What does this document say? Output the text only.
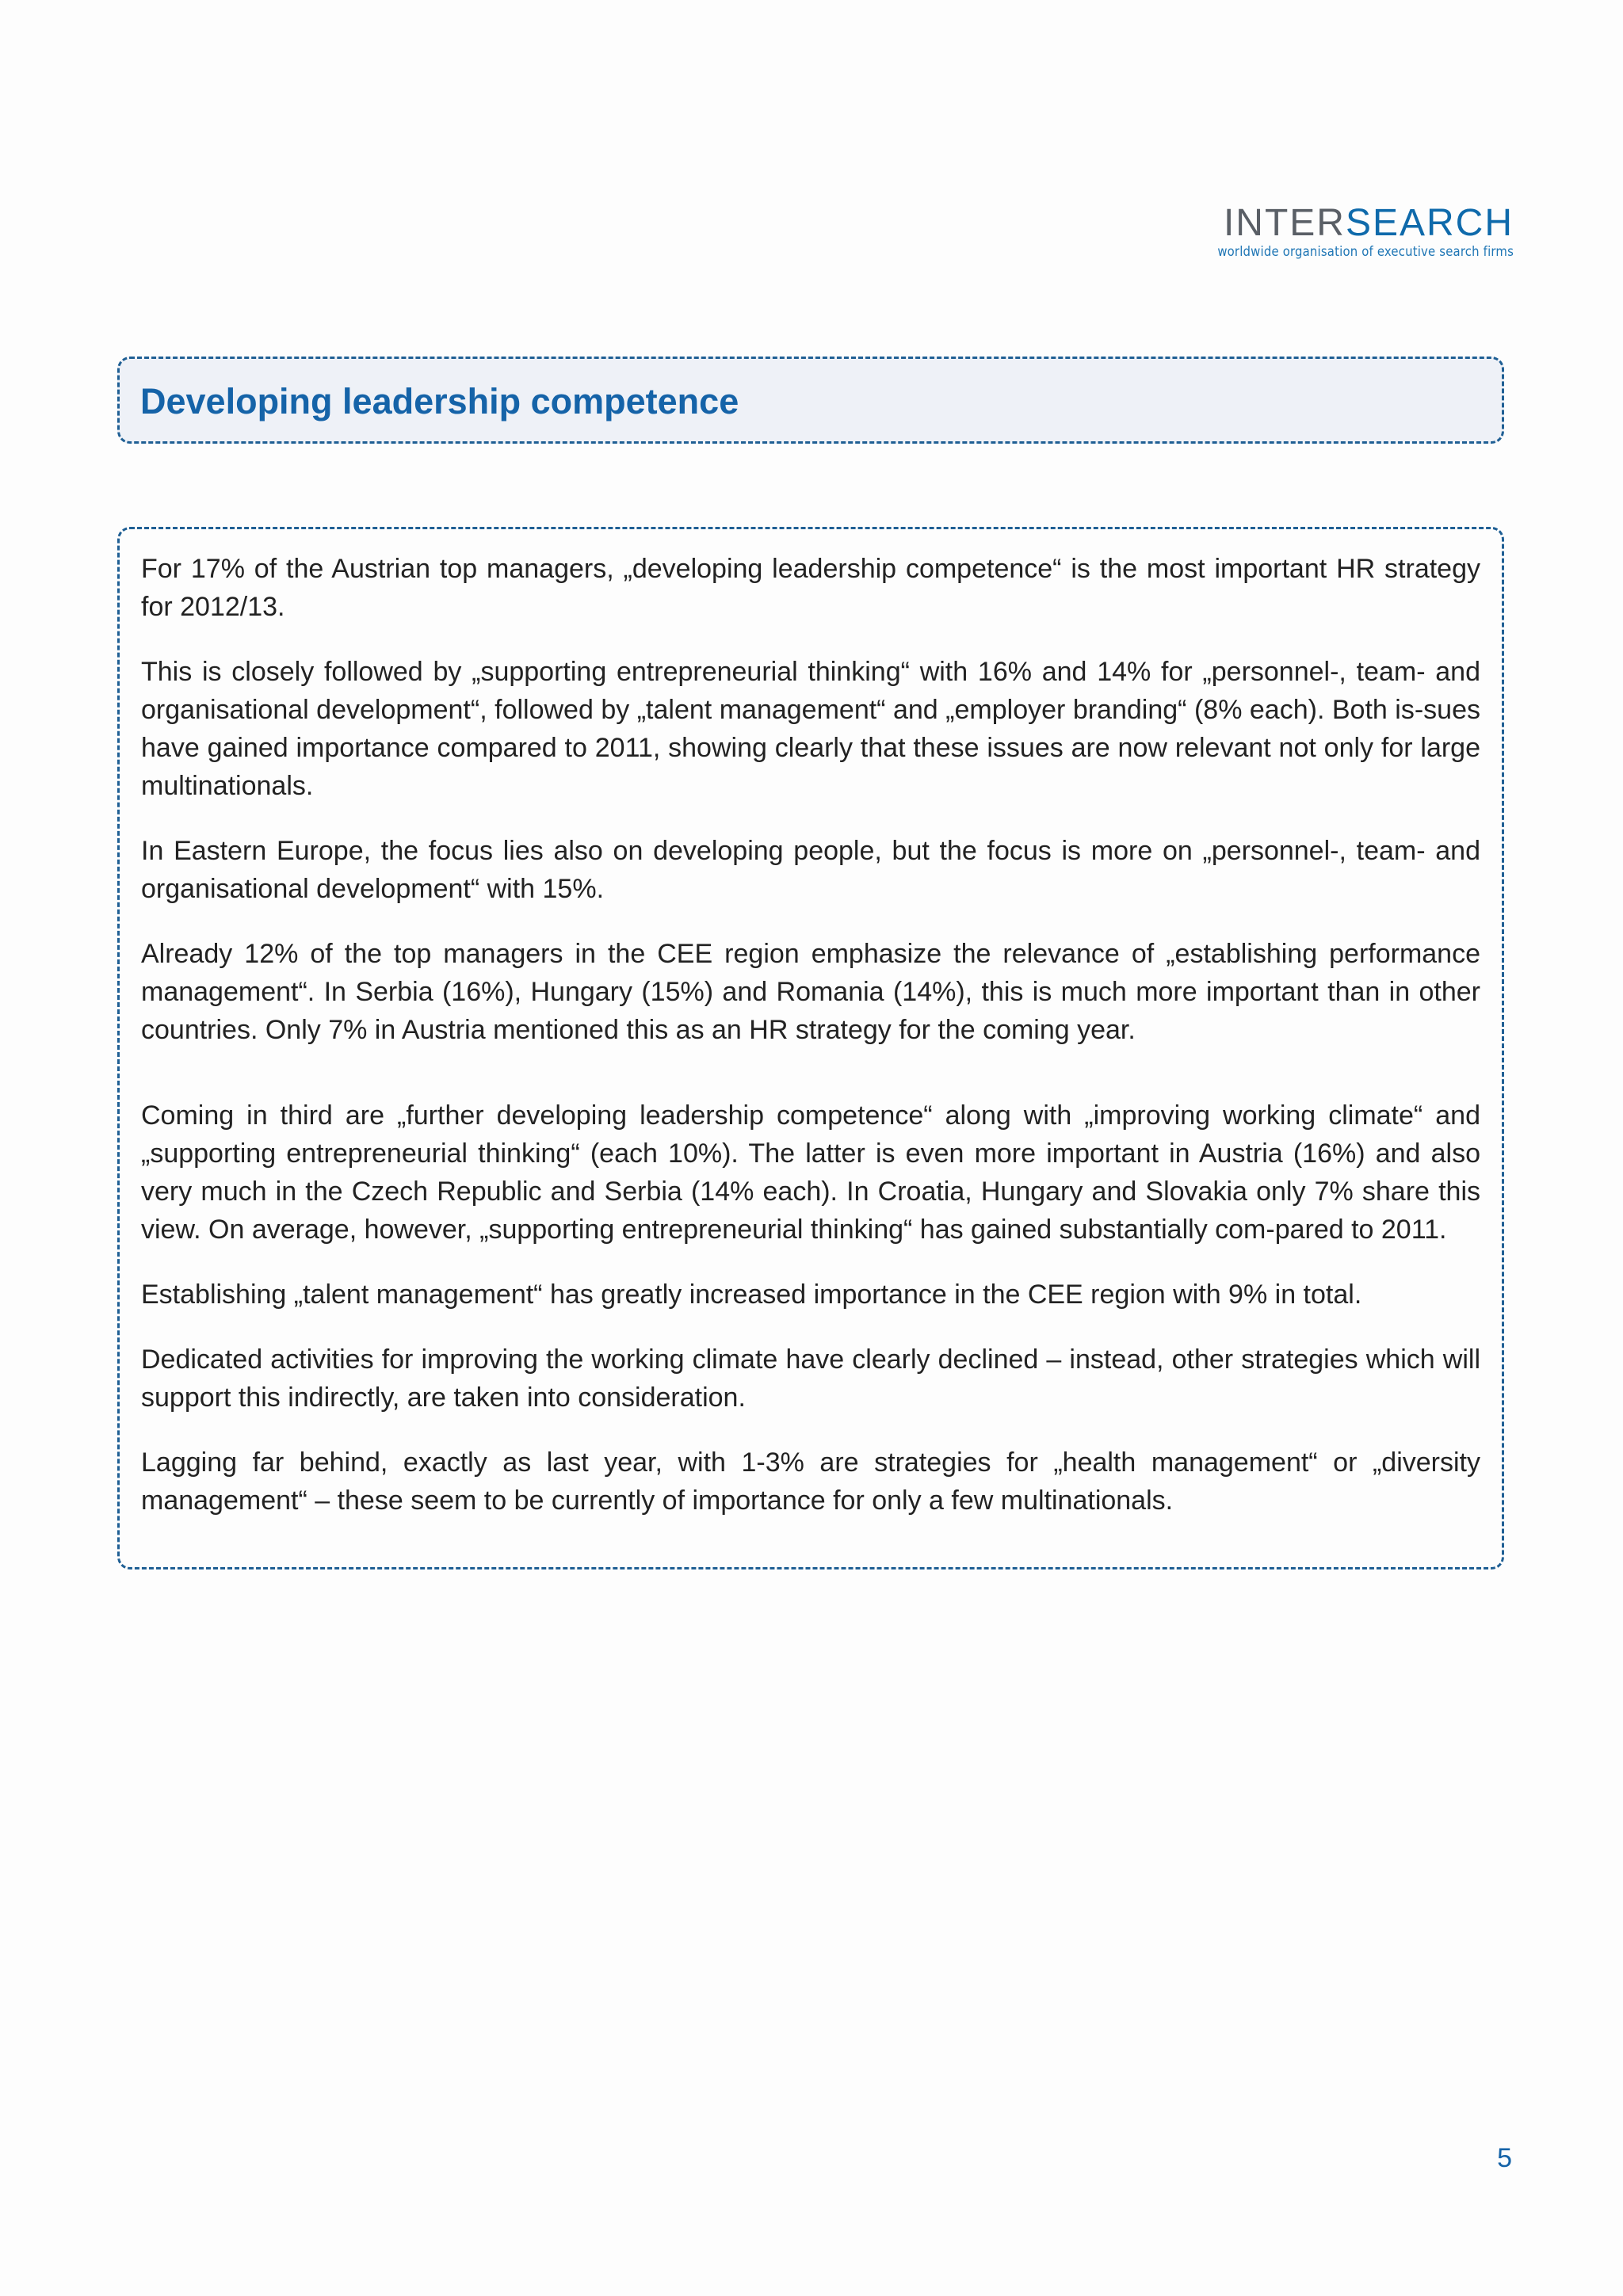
INTERSEARCH
worldwide organisation of executive search firms
Developing leadership competence

For 17% of the Austrian top managers, „developing leadership competence“ is the most important HR strategy for 2012/13.

This is closely followed by „supporting entrepreneurial thinking“ with 16% and 14% for „personnel-, team- and organisational development“, followed by „talent management“ and „employer branding“ (8% each). Both is-sues have gained importance compared to 2011, showing clearly that these issues are now relevant not only for large multinationals.

In Eastern Europe, the focus lies also on developing people, but the focus is more on „personnel-, team- and organisational development“ with 15%.

Already 12% of the top managers in the CEE region emphasize the relevance of „establishing performance management“. In Serbia (16%), Hungary (15%) and Romania (14%), this is much more important than in other countries. Only 7% in Austria mentioned this as an HR strategy for the coming year.

Coming in third are „further developing leadership competence“ along with „improving working climate“ and „supporting entrepreneurial thinking“ (each 10%). The latter is even more important in Austria (16%) and also very much in the Czech Republic and Serbia (14% each). In Croatia, Hungary and Slovakia only 7% share this view. On average, however, „supporting entrepreneurial thinking“ has gained substantially com-pared to 2011.

Establishing „talent management“ has greatly increased importance in the CEE region with 9% in total.

Dedicated activities for improving the working climate have clearly declined – instead, other strategies which will support this indirectly, are taken into consideration.

Lagging far behind, exactly as last year, with 1-3% are strategies for „health management“ or „diversity management“ – these seem to be currently of importance for only a few multinationals.

5
